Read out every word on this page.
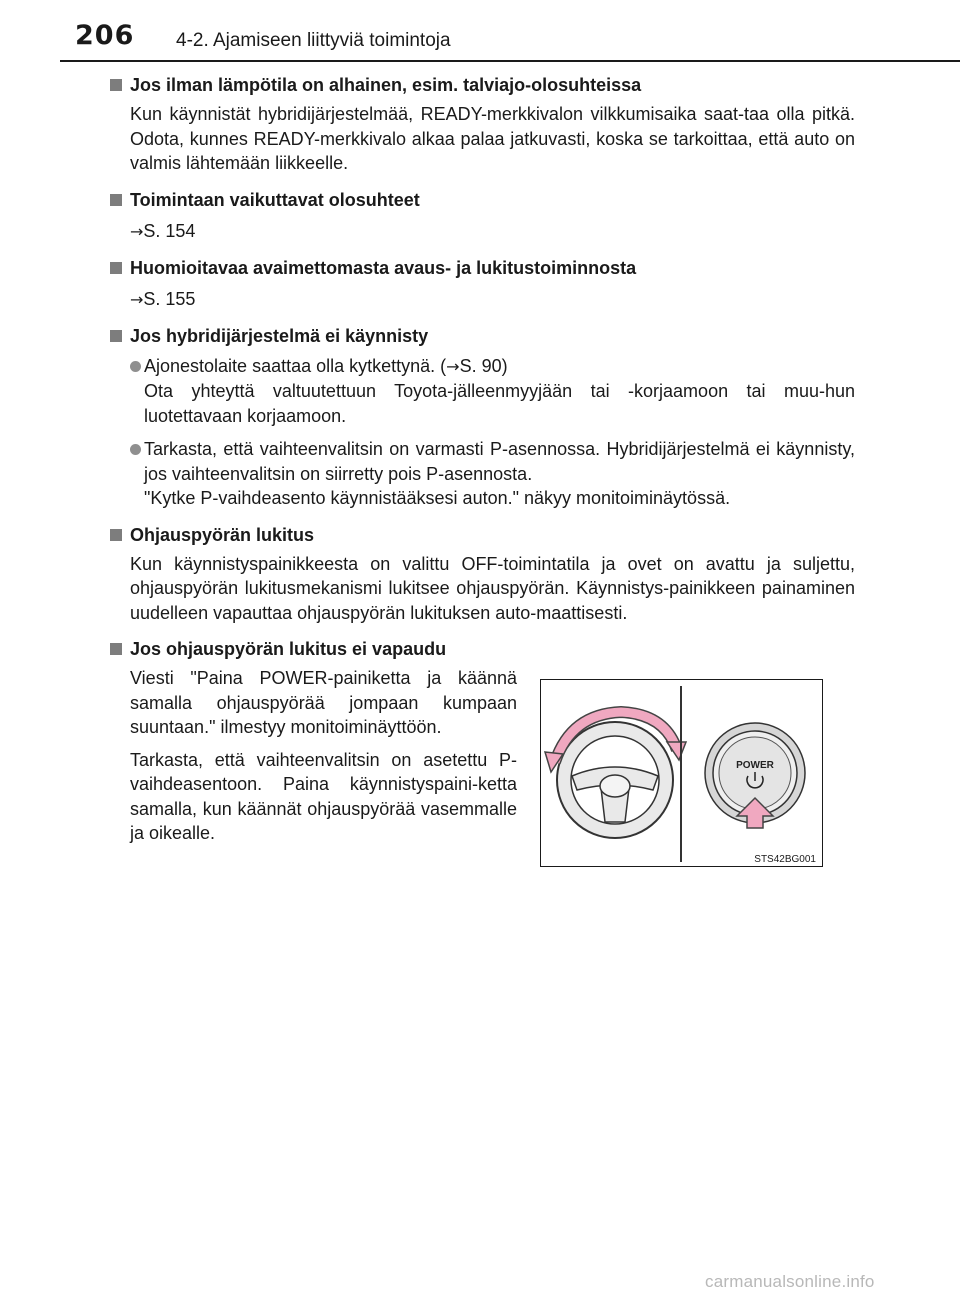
206 4-2. Ajamiseen liittyviä toimintoja
Jos ilman lämpötila on alhainen, esim. talviajo-olosuhteissa
Kun käynnistät hybridijärjestelmää, READY-merkkivalon vilkkumisaika saat-taa olla pitkä. Odota, kunnes READY-merkkivalo alkaa palaa jatkuvasti, koska se tarkoittaa, että auto on valmis lähtemään liikkeelle.
Toimintaan vaikuttavat olosuhteet
→S. 154
Huomioitavaa avaimettomasta avaus- ja lukitustoiminnosta
→S. 155
Jos hybridijärjestelmä ei käynnisty
Ajonestolaite saattaa olla kytkettynä. (→S. 90)
Ota yhteyttä valtuutettuun Toyota-jälleenmyyjään tai -korjaamoon tai muu-hun luotettavaan korjaamoon.
Tarkasta, että vaihteenvalitsin on varmasti P-asennossa. Hybridijärjestelmä ei käynnisty, jos vaihteenvalitsin on siirretty pois P-asennosta.
"Kytke P-vaihdeasento käynnistääksesi auton." näkyy monitoiminäytössä.
Ohjauspyörän lukitus
Kun käynnistyspainikkeesta on valittu OFF-toimintatila ja ovet on avattu ja suljettu, ohjauspyörän lukitusmekanismi lukitsee ohjauspyörän. Käynnistys-painikkeen painaminen uudelleen vapauttaa ohjauspyörän lukituksen auto-maattisesti.
Jos ohjauspyörän lukitus ei vapaudu

Viesti "Paina POWER-painiketta ja käännä samalla ohjauspyörää jompaan kumpaan suuntaan." ilmestyy monitoiminäyttöön.

Tarkasta, että vaihteenvalitsin on asetettu P-vaihdeasentoon. Paina käynnistyspaini-ketta samalla, kun käännät ohjauspyörää vasemmalle ja oikealle.

POWER
STS42BG001
carmanualsonline.info
